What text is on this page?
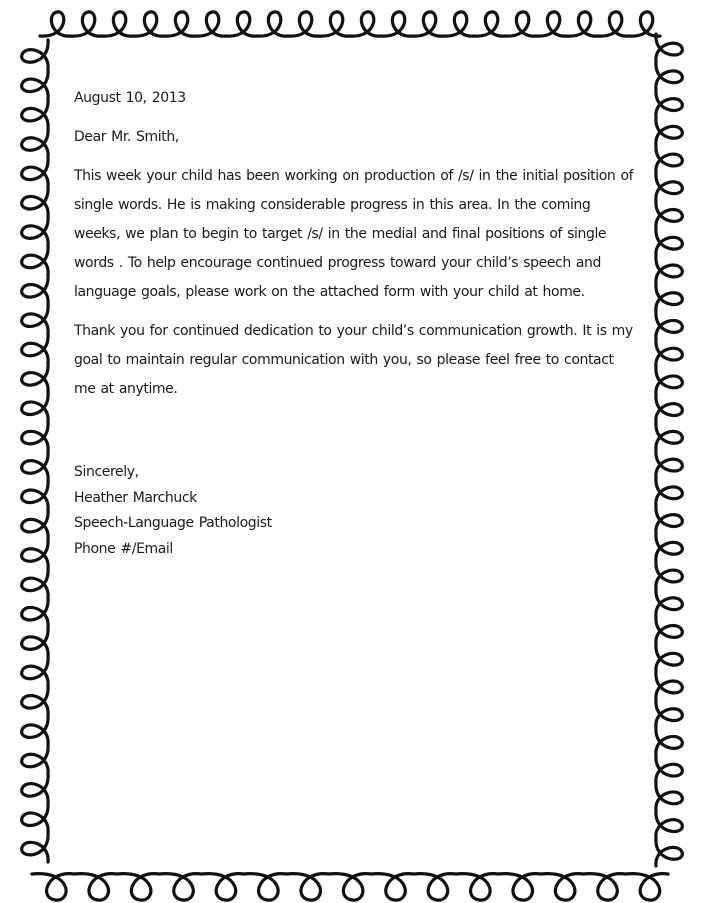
August 10, 2013
Dear Mr. Smith,
This week your child has been working on production of /s/ in the initial position of single words. He is making considerable progress in this area. In the coming weeks, we plan to begin to target /s/ in the medial and final positions of single words . To help encourage continued progress toward your child’s speech and language goals, please work on the attached form with your child at home.
Thank you for continued dedication to your child’s communication growth. It is my goal to maintain regular communication with you, so please feel free to contact me at anytime.
Sincerely,
Heather Marchuck
Speech-Language Pathologist
Phone #/Email
